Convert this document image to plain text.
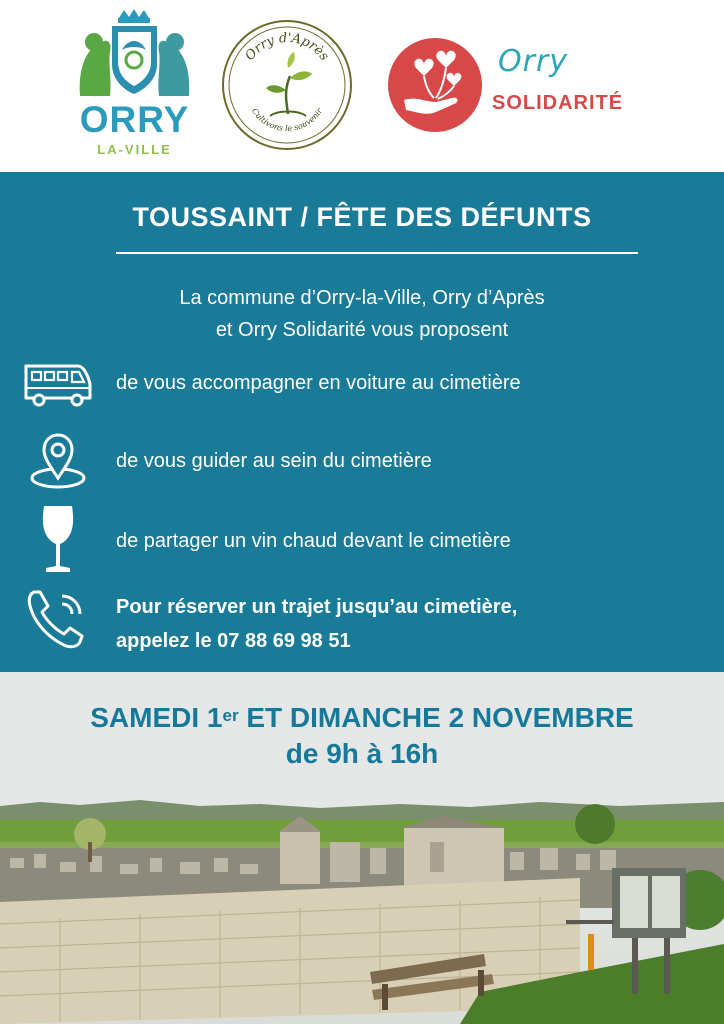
ORRY
LA-VILLE
Orry d'Après
Cultivons le souvenir
Orry
SOLIDARITÉ
TOUSSAINT / FÊTE DES DÉFUNTS
La commune d’Orry-la-Ville, Orry d’Après
et Orry Solidarité vous proposent
de vous accompagner en voiture au cimetière
de vous guider au sein du cimetière
de partager un vin chaud devant le cimetière
Pour réserver un trajet jusqu’au cimetière,
appelez le 07 88 69 98 51
SAMEDI 1er ET DIMANCHE 2 NOVEMBRE
de 9h à 16h
